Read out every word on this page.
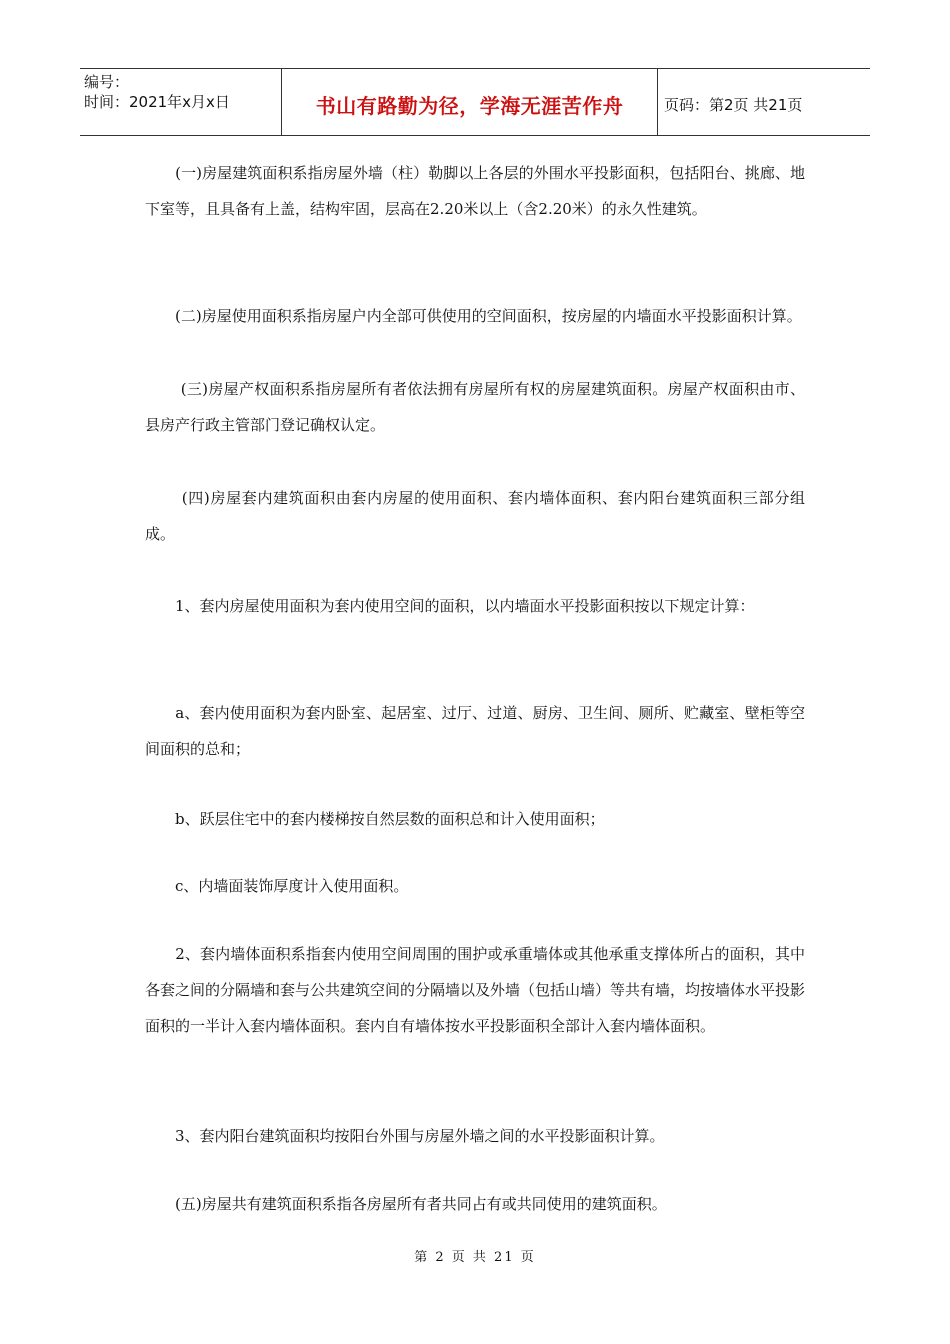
编号：
时间：2021年x月x日	书山有路勤为径，学海无涯苦作舟	页码：第2页 共21页

　　(一)房屋建筑面积系指房屋外墙（柱）勒脚以上各层的外围水平投影面积，包括阳台、挑廊、地下室等，且具备有上盖，结构牢固，层高在2.20米以上（含2.20米）的永久性建筑。

　　(二)房屋使用面积系指房屋户内全部可供使用的空间面积，按房屋的内墙面水平投影面积计算。

　　 (三)房屋产权面积系指房屋所有者依法拥有房屋所有权的房屋建筑面积。房屋产权面积由市、县房产行政主管部门登记确权认定。

　　 (四)房屋套内建筑面积由套内房屋的使用面积、套内墙体面积、套内阳台建筑面积三部分组成。

　　1、套内房屋使用面积为套内使用空间的面积，以内墙面水平投影面积按以下规定计算：

　　a、套内使用面积为套内卧室、起居室、过厅、过道、厨房、卫生间、厕所、贮藏室、壁柜等空间面积的总和；

　　b、跃层住宅中的套内楼梯按自然层数的面积总和计入使用面积；

　　c、内墙面装饰厚度计入使用面积。

　　2、套内墙体面积系指套内使用空间周围的围护或承重墙体或其他承重支撑体所占的面积，其中各套之间的分隔墙和套与公共建筑空间的分隔墙以及外墙（包括山墙）等共有墙，均按墙体水平投影面积的一半计入套内墙体面积。套内自有墙体按水平投影面积全部计入套内墙体面积。

　　3、套内阳台建筑面积均按阳台外围与房屋外墙之间的水平投影面积计算。

　　(五)房屋共有建筑面积系指各房屋所有者共同占有或共同使用的建筑面积。

第 2 页 共 21 页
